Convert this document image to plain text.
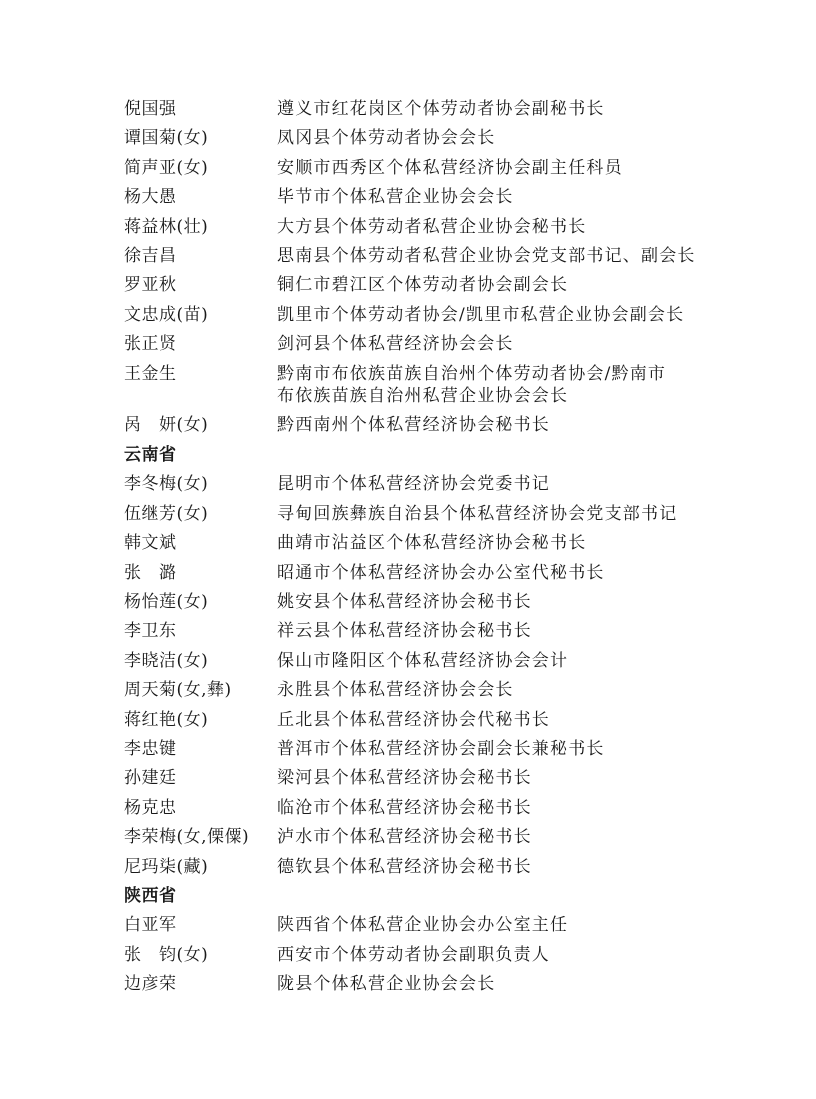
倪国强	遵义市红花岗区个体劳动者协会副秘书长
谭国菊(女)	凤冈县个体劳动者协会会长
简声亚(女)	安顺市西秀区个体私营经济协会副主任科员
杨大愚	毕节市个体私营企业协会会长
蒋益林(壮)	大方县个体劳动者私营企业协会秘书长
徐吉昌	思南县个体劳动者私营企业协会党支部书记、副会长
罗亚秋	铜仁市碧江区个体劳动者协会副会长
文忠成(苗)	凯里市个体劳动者协会/凯里市私营企业协会副会长
张正贤	剑河县个体私营经济协会会长
王金生	黔南市布依族苗族自治州个体劳动者协会/黔南市
布依族苗族自治州私营企业协会会长
呙　妍(女)	黔西南州个体私营经济协会秘书长
云南省
李冬梅(女)	昆明市个体私营经济协会党委书记
伍继芳(女)	寻甸回族彝族自治县个体私营经济协会党支部书记
韩文斌	曲靖市沾益区个体私营经济协会秘书长
张　潞	昭通市个体私营经济协会办公室代秘书长
杨怡莲(女)	姚安县个体私营经济协会秘书长
李卫东	祥云县个体私营经济协会秘书长
李晓洁(女)	保山市隆阳区个体私营经济协会会计
周天菊(女,彝)	永胜县个体私营经济协会会长
蒋红艳(女)	丘北县个体私营经济协会代秘书长
李忠键	普洱市个体私营经济协会副会长兼秘书长
孙建廷	梁河县个体私营经济协会秘书长
杨克忠	临沧市个体私营经济协会秘书长
李荣梅(女,傈僳)	泸水市个体私营经济协会秘书长
尼玛柒(藏)	德钦县个体私营经济协会秘书长
陕西省
白亚军	陕西省个体私营企业协会办公室主任
张　钧(女)	西安市个体劳动者协会副职负责人
边彦荣	陇县个体私营企业协会会长
